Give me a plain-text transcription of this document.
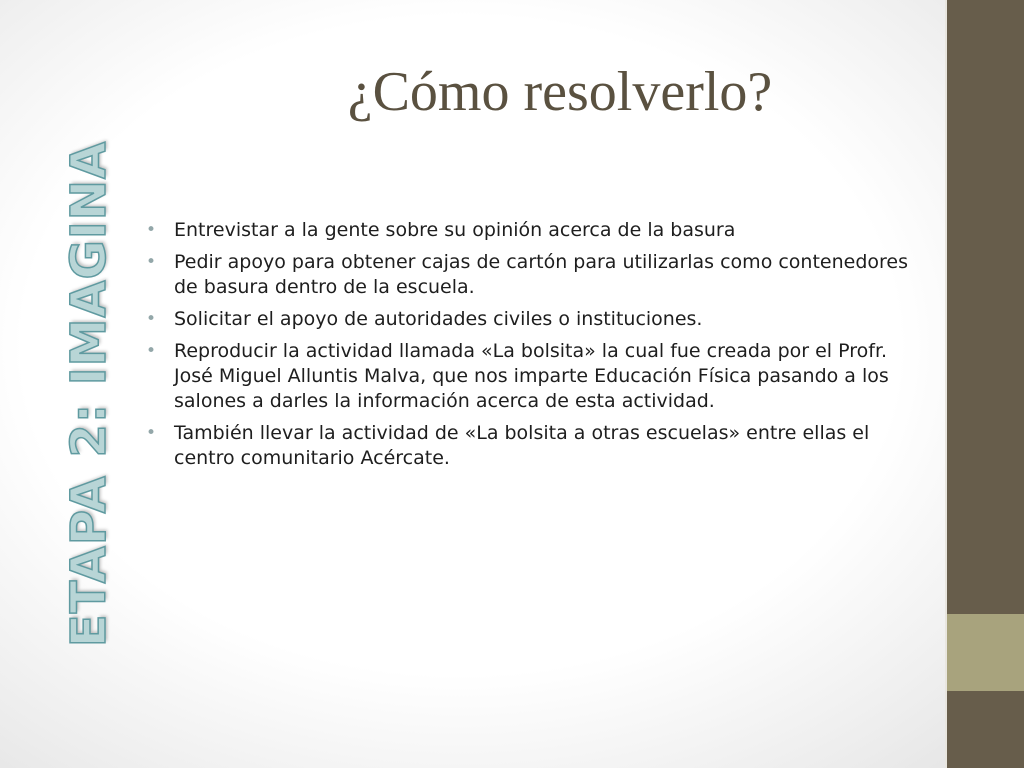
ETAPA 2: IMAGINA
¿Cómo resolverlo?
• Entrevistar a la gente sobre su opinión acerca de la basura
• Pedir apoyo para obtener cajas de cartón para utilizarlas como contenedores de basura dentro de la escuela.
• Solicitar el apoyo de autoridades civiles o instituciones.
• Reproducir la actividad llamada «La bolsita» la cual fue creada por el Profr. José Miguel Alluntis Malva, que nos imparte Educación Física pasando a los salones a darles la información acerca de esta actividad.
• También llevar la actividad de «La bolsita a otras escuelas» entre ellas el centro comunitario Acércate.
